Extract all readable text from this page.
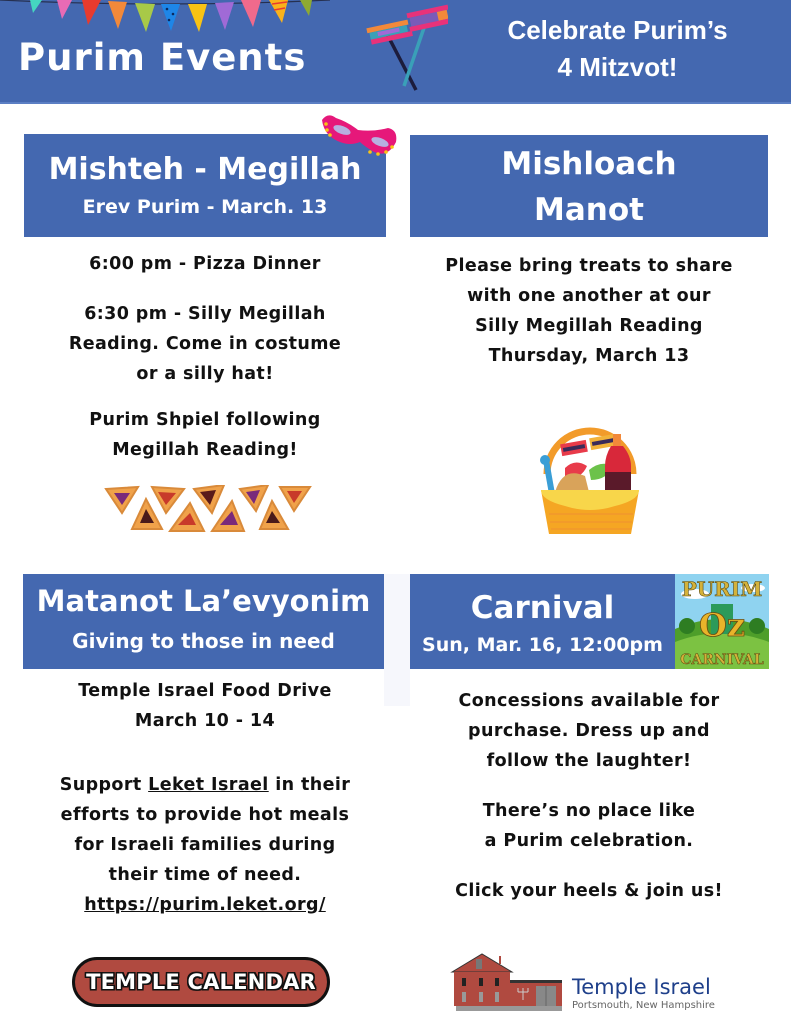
Purim Events
Celebrate Purim’s
4 Mitzvot!
Mishteh - Megillah
Erev Purim - March. 13

6:00 pm - Pizza Dinner

6:30 pm - Silly Megillah

Reading. Come in costume

or a silly hat!

Purim Shpiel following

Megillah Reading!

Mishloach
Manot

Please bring treats to share

with one another at our

Silly Megillah Reading

Thursday, March 13

Matanot La’evyonim
Giving to those in need

Temple Israel Food Drive

March 10 - 14

Support Leket Israel in their

efforts to provide hot meals

for Israeli families during

their time of need.

https://purim.leket.org/

Carnival
Sun, Mar. 16, 12:00pm
PURIM
Oz
CARNIVAL

Concessions available for

purchase. Dress up and

follow the laughter!

There’s no place like

a Purim celebration.

Click your heels & join us!

TEMPLE CALENDAR	Temple Israel
Portsmouth, New Hampshire
